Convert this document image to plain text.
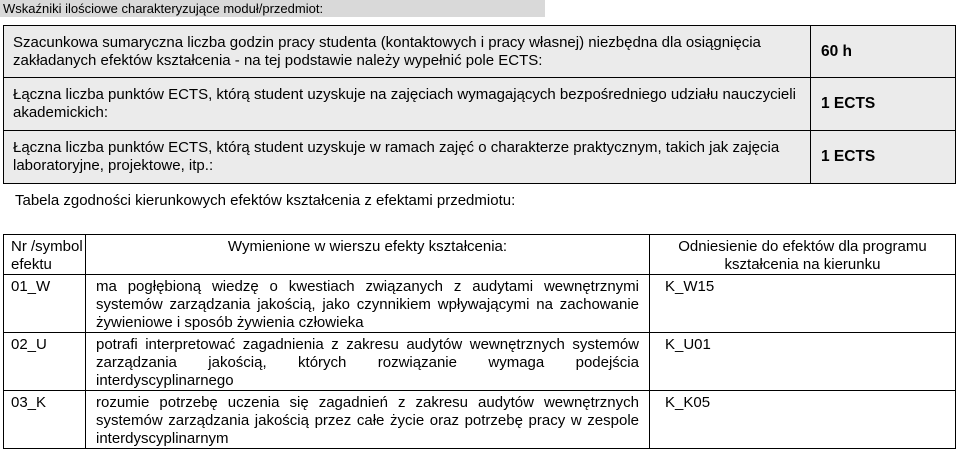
Wskaźniki ilościowe charakteryzujące moduł/przedmiot:
Szacunkowa sumaryczna liczba godzin pracy studenta (kontaktowych i pracy własnej) niezbędna dla osiągnięcia zakładanych efektów kształcenia - na tej podstawie należy wypełnić pole ECTS:	60 h
Łączna liczba punktów ECTS, którą student uzyskuje na zajęciach wymagających bezpośredniego udziału nauczycieli akademickich:	1 ECTS
Łączna liczba punktów ECTS, którą student uzyskuje w ramach zajęć o charakterze praktycznym, takich jak zajęcia laboratoryjne, projektowe, itp.:	1 ECTS
Tabela zgodności kierunkowych efektów kształcenia z efektami przedmiotu:
Nr /symbol efektu	Wymienione w wierszu efekty kształcenia:	Odniesienie do efektów dla programu kształcenia na kierunku
01_W	ma pogłębioną wiedzę o kwestiach związanych z audytami wewnętrznymi systemów zarządzania jakością, jako czynnikiem wpływającymi na zachowanie żywieniowe i sposób żywienia człowieka	K_W15
02_U	potrafi interpretować zagadnienia z zakresu audytów wewnętrznych systemów zarządzania jakością, których rozwiązanie wymaga podejścia interdyscyplinarnego	K_U01
03_K	rozumie potrzebę uczenia się zagadnień z zakresu audytów wewnętrznych systemów zarządzania jakością przez całe życie oraz potrzebę pracy w zespole interdyscyplinarnym	K_K05
